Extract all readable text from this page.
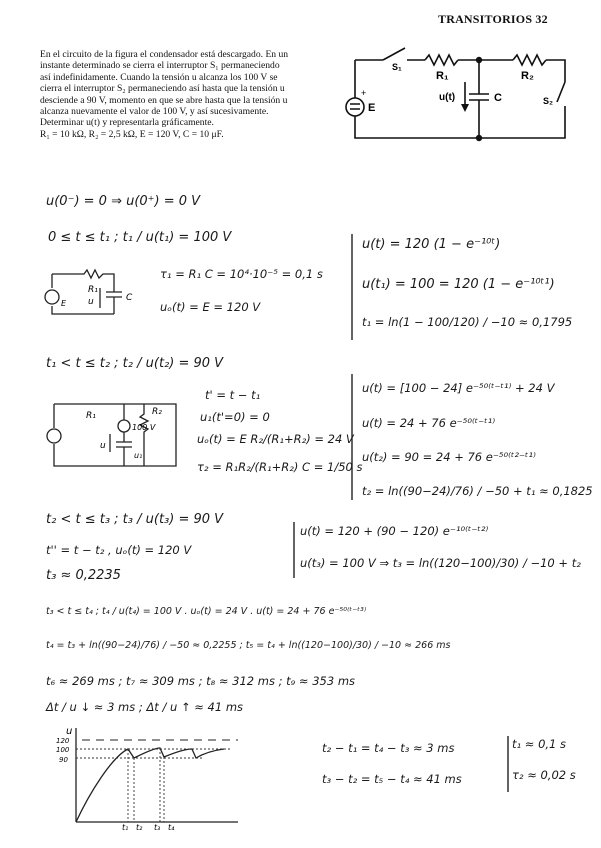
TRANSITORIOS 32
En el circuito de la figura el condensador está descargado. En un
instante determinado se cierra el interruptor S₁ permaneciendo
así indefinidamente. Cuando la tensión u alcanza los 100 V se
cierra el interruptor S₂ permaneciendo así hasta que la tensión u
desciende a 90 V, momento en que se abre hasta que la tensión u
alcanza nuevamente el valor de 100 V, y así sucesivamente.
Determinar u(t) y representarla gráficamente.
R₁ = 10 kΩ, R₂ = 2,5 kΩ, E = 120 V, C = 10 μF.
S₁
R₁	R₂
S₂
E
+	u(t)	C
u(0⁻) = 0 ⇒ u(0⁺) = 0 V
0 ≤ t ≤ t₁ ; t₁ / u(t₁) = 100 V
τ₁ = R₁ C = 10⁴·10⁻⁵ = 0,1 s
uₒ(t) = E = 120 V
R₁
C
u
E
u(t) = 120 (1 − e⁻¹⁰ᵗ)
u(t₁) = 100 = 120 (1 − e⁻¹⁰ᵗ¹)
t₁ = ln(1 − 100/120) / −10 ≈ 0,1795
t₁ < t ≤ t₂ ; t₂ / u(t₂) = 90 V
t' = t − t₁
u₁(t'=0) = 0
uₒ(t) = E R₂/(R₁+R₂) = 24 V
τ₂ = R₁R₂/(R₁+R₂) C = 1/50 s
R₁	R₂
100 V
u
u₁
u(t) = [100 − 24] e⁻⁵⁰⁽ᵗ⁻ᵗ¹⁾ + 24 V
u(t) = 24 + 76 e⁻⁵⁰⁽ᵗ⁻ᵗ¹⁾
u(t₂) = 90 = 24 + 76 e⁻⁵⁰⁽ᵗ²⁻ᵗ¹⁾
t₂ = ln((90−24)/76) / −50 + t₁ ≈ 0,1825
t₂ < t ≤ t₃ ; t₃ / u(t₃) = 90 V
t'' = t − t₂ , uₒ(t) = 120 V
t₃ ≈ 0,2235
u(t) = 120 + (90 − 120) e⁻¹⁰⁽ᵗ⁻ᵗ²⁾
u(t₃) = 100 V ⇒ t₃ = ln((120−100)/30) / −10 + t₂
t₃ < t ≤ t₄ ; t₄ / u(t₄) = 100 V . uₒ(t) = 24 V . u(t) = 24 + 76 e⁻⁵⁰⁽ᵗ⁻ᵗ³⁾
t₄ = t₃ + ln((90−24)/76) / −50 ≈ 0,2255 ; t₅ = t₄ + ln((120−100)/30) / −10 ≈ 266 ms
t₆ ≈ 269 ms ; t₇ ≈ 309 ms ; t₈ ≈ 312 ms ; t₉ ≈ 353 ms
Δt / u ↓ ≈ 3 ms ; Δt / u ↑ ≈ 41 ms
u
120
100
90
t₁ t₂ t₃ t₄
t₂ − t₁ = t₄ − t₃ ≈ 3 ms
t₃ − t₂ = t₅ − t₄ ≈ 41 ms
t₁ ≈ 0,1 s
τ₂ ≈ 0,02 s
